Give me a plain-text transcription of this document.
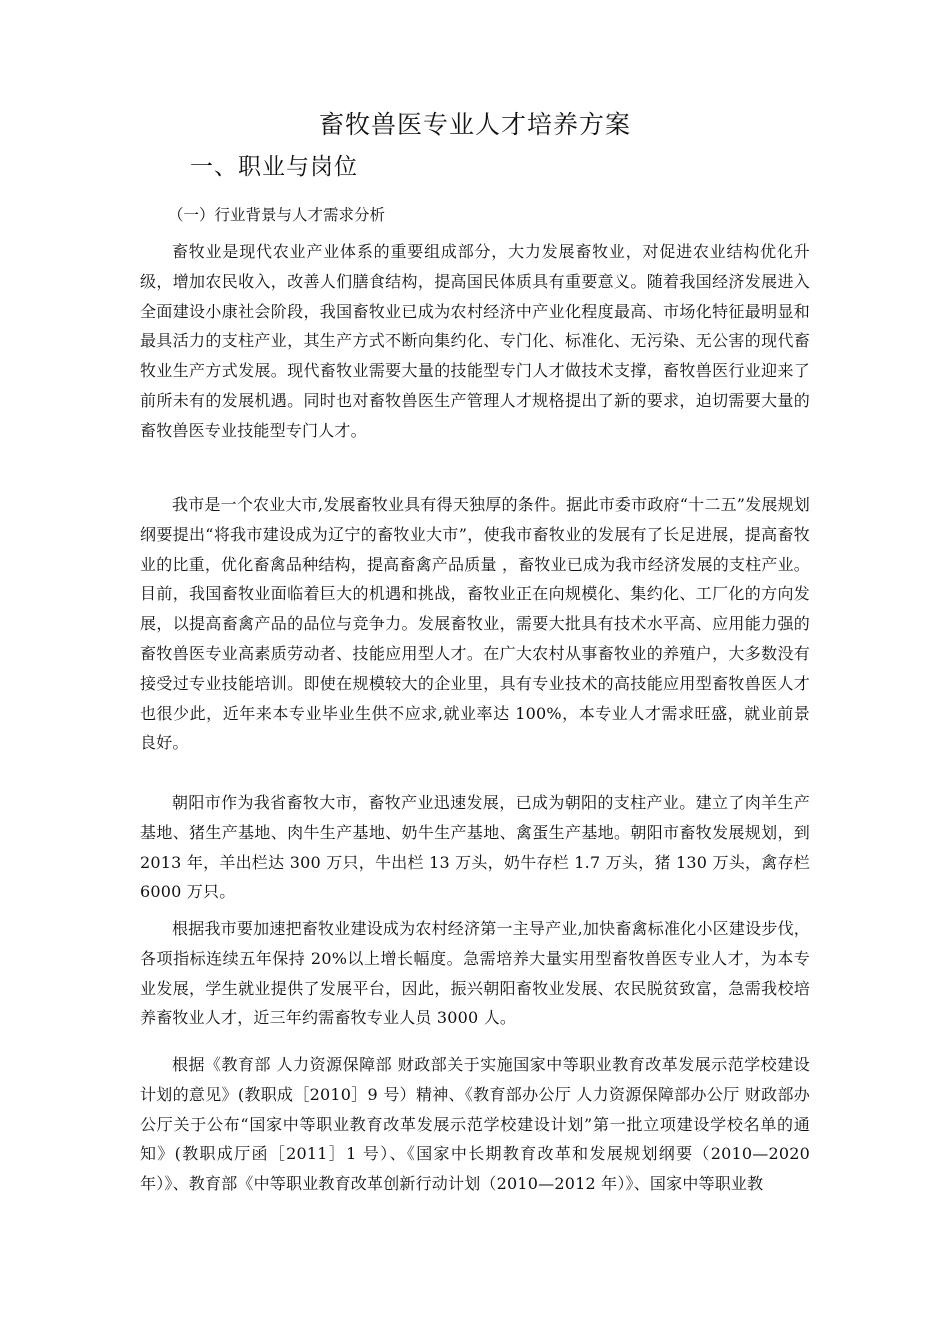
畜牧兽医专业人才培养方案
一、职业与岗位
（一）行业背景与人才需求分析

畜牧业是现代农业产业体系的重要组成部分，大力发展畜牧业，对促进农业结构优化升级，增加农民收入，改善人们膳食结构，提高国民体质具有重要意义。随着我国经济发展进入全面建设小康社会阶段，我国畜牧业已成为农村经济中产业化程度最高、市场化特征最明显和最具活力的支柱产业，其生产方式不断向集约化、专门化、标准化、无污染、无公害的现代畜牧业生产方式发展。现代畜牧业需要大量的技能型专门人才做技术支撑，畜牧兽医行业迎来了前所未有的发展机遇。同时也对畜牧兽医生产管理人才规格提出了新的要求，迫切需要大量的畜牧兽医专业技能型专门人才。

我市是一个农业大市,发展畜牧业具有得天独厚的条件。据此市委市政府“十二五”发展规划纲要提出“将我市建设成为辽宁的畜牧业大市”，使我市畜牧业的发展有了长足进展，提高畜牧业的比重，优化畜禽品种结构，提高畜禽产品质量 ，畜牧业已成为我市经济发展的支柱产业。目前，我国畜牧业面临着巨大的机遇和挑战，畜牧业正在向规模化、集约化、工厂化的方向发展，以提高畜禽产品的品位与竞争力。发展畜牧业，需要大批具有技术水平高、应用能力强的畜牧兽医专业高素质劳动者、技能应用型人才。在广大农村从事畜牧业的养殖户，大多数没有接受过专业技能培训。即使在规模较大的企业里，具有专业技术的高技能应用型畜牧兽医人才也很少此，近年来本专业毕业生供不应求,就业率达 100%，本专业人才需求旺盛，就业前景良好。

朝阳市作为我省畜牧大市，畜牧产业迅速发展，已成为朝阳的支柱产业。建立了肉羊生产基地、猪生产基地、肉牛生产基地、奶牛生产基地、禽蛋生产基地。朝阳市畜牧发展规划，到 2013 年，羊出栏达 300 万只，牛出栏 13 万头，奶牛存栏 1.7 万头，猪 130 万头，禽存栏 6000 万只。

根据我市要加速把畜牧业建设成为农村经济第一主导产业,加快畜禽标准化小区建设步伐，各项指标连续五年保持 20%以上增长幅度。急需培养大量实用型畜牧兽医专业人才，为本专业发展，学生就业提供了发展平台，因此，振兴朝阳畜牧业发展、农民脱贫致富，急需我校培养畜牧业人才，近三年约需畜牧专业人员 3000 人。

根据《教育部 人力资源保障部 财政部关于实施国家中等职业教育改革发展示范学校建设计划的意见》(教职成［2010］9 号）精神、《教育部办公厅 人力资源保障部办公厅 财政部办公厅关于公布“国家中等职业教育改革发展示范学校建设计划”第一批立项建设学校名单的通知》(教职成厅函［2011］1 号）、《国家中长期教育改革和发展规划纲要（2010—2020 年）》、教育部《中等职业教育改革创新行动计划（2010—2012 年）》、国家中等职业教
